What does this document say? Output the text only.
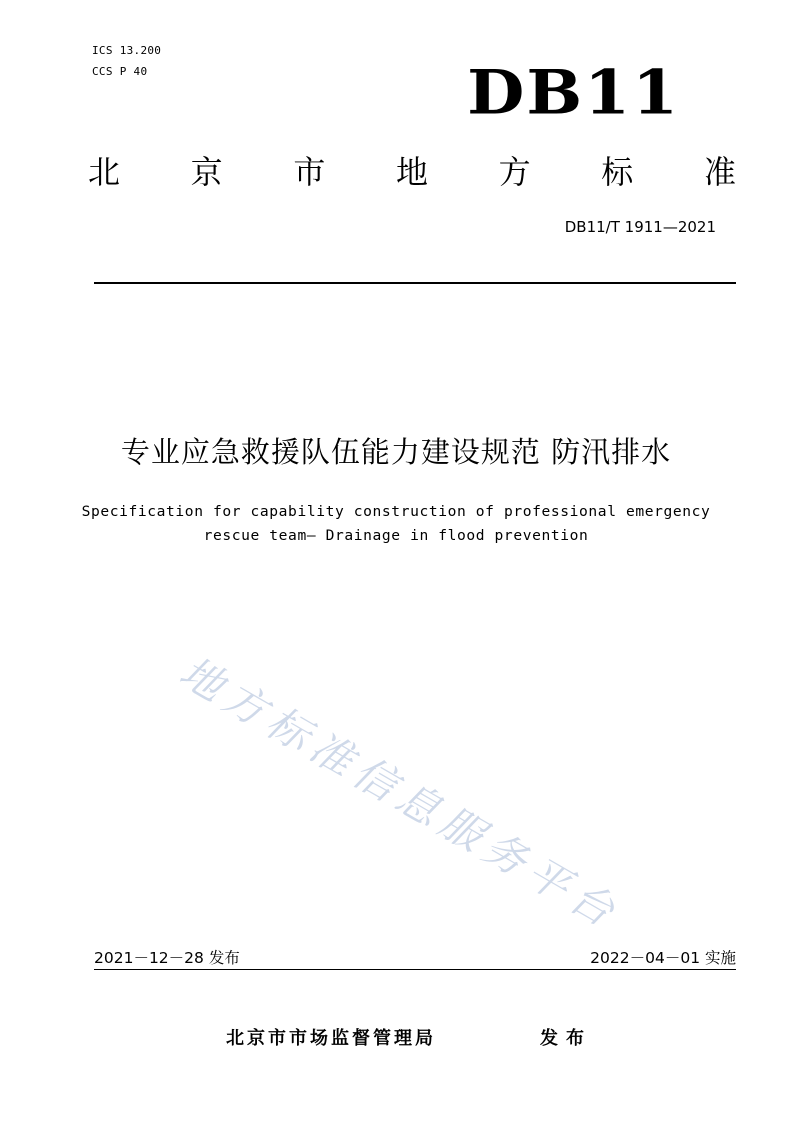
ICS 13.200
CCS P 40	DB11
北 京 市 地 方 标 准
DB11/T 1911—2021
专业应急救援队伍能力建设规范 防汛排水
Specification for capability construction of professional emergency
rescue team— Drainage in flood prevention
地方标准信息服务平台
2021－12－28 发布	2022－04－01 实施
北京市市场监督管理局	发布
